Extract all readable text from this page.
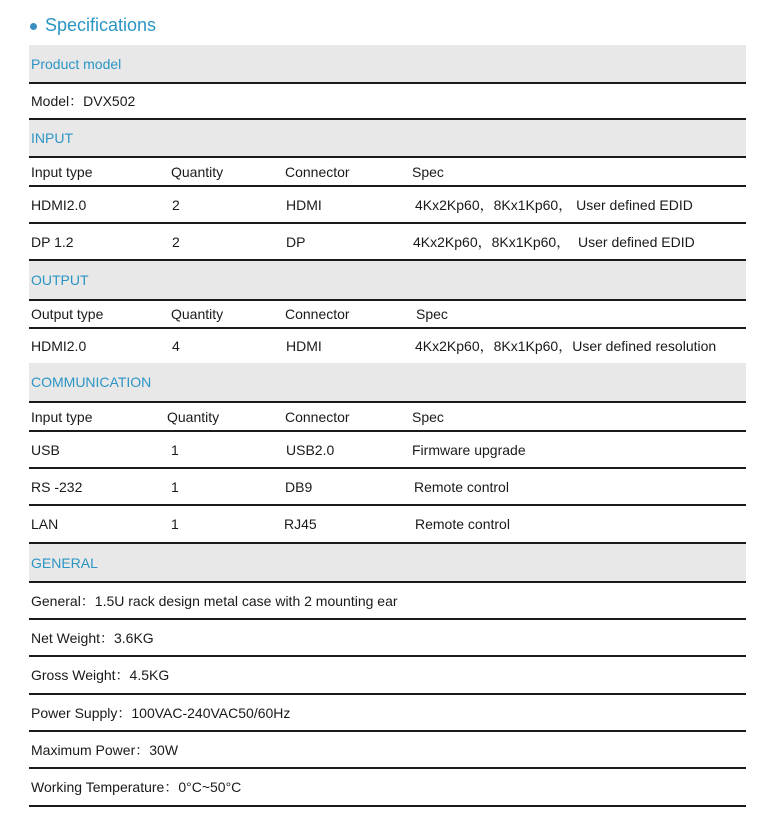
Specifications
Product model
Model：DVX502
INPUT
Input type	Quantity	Connector	Spec
HDMI2.0	2	HDMI	4Kx2Kp60，8Kx1Kp60， User defined EDID
DP 1.2	2	DP	4Kx2Kp60，8Kx1Kp60，  User defined EDID
OUTPUT
Output type	Quantity	Connector	Spec
HDMI2.0	4	HDMI	4Kx2Kp60，8Kx1Kp60，User defined resolution
COMMUNICATION
Input type	Quantity	Connector	Spec
USB	1	USB2.0	Firmware upgrade
RS -232	1	DB9	Remote control
LAN	1	RJ45	Remote control
GENERAL
General：1.5U rack design metal case with 2 mounting ear
Net Weight：3.6KG
Gross Weight：4.5KG
Power Supply：100VAC-240VAC50/60Hz
Maximum Power：30W
Working Temperature：0°C~50°C
